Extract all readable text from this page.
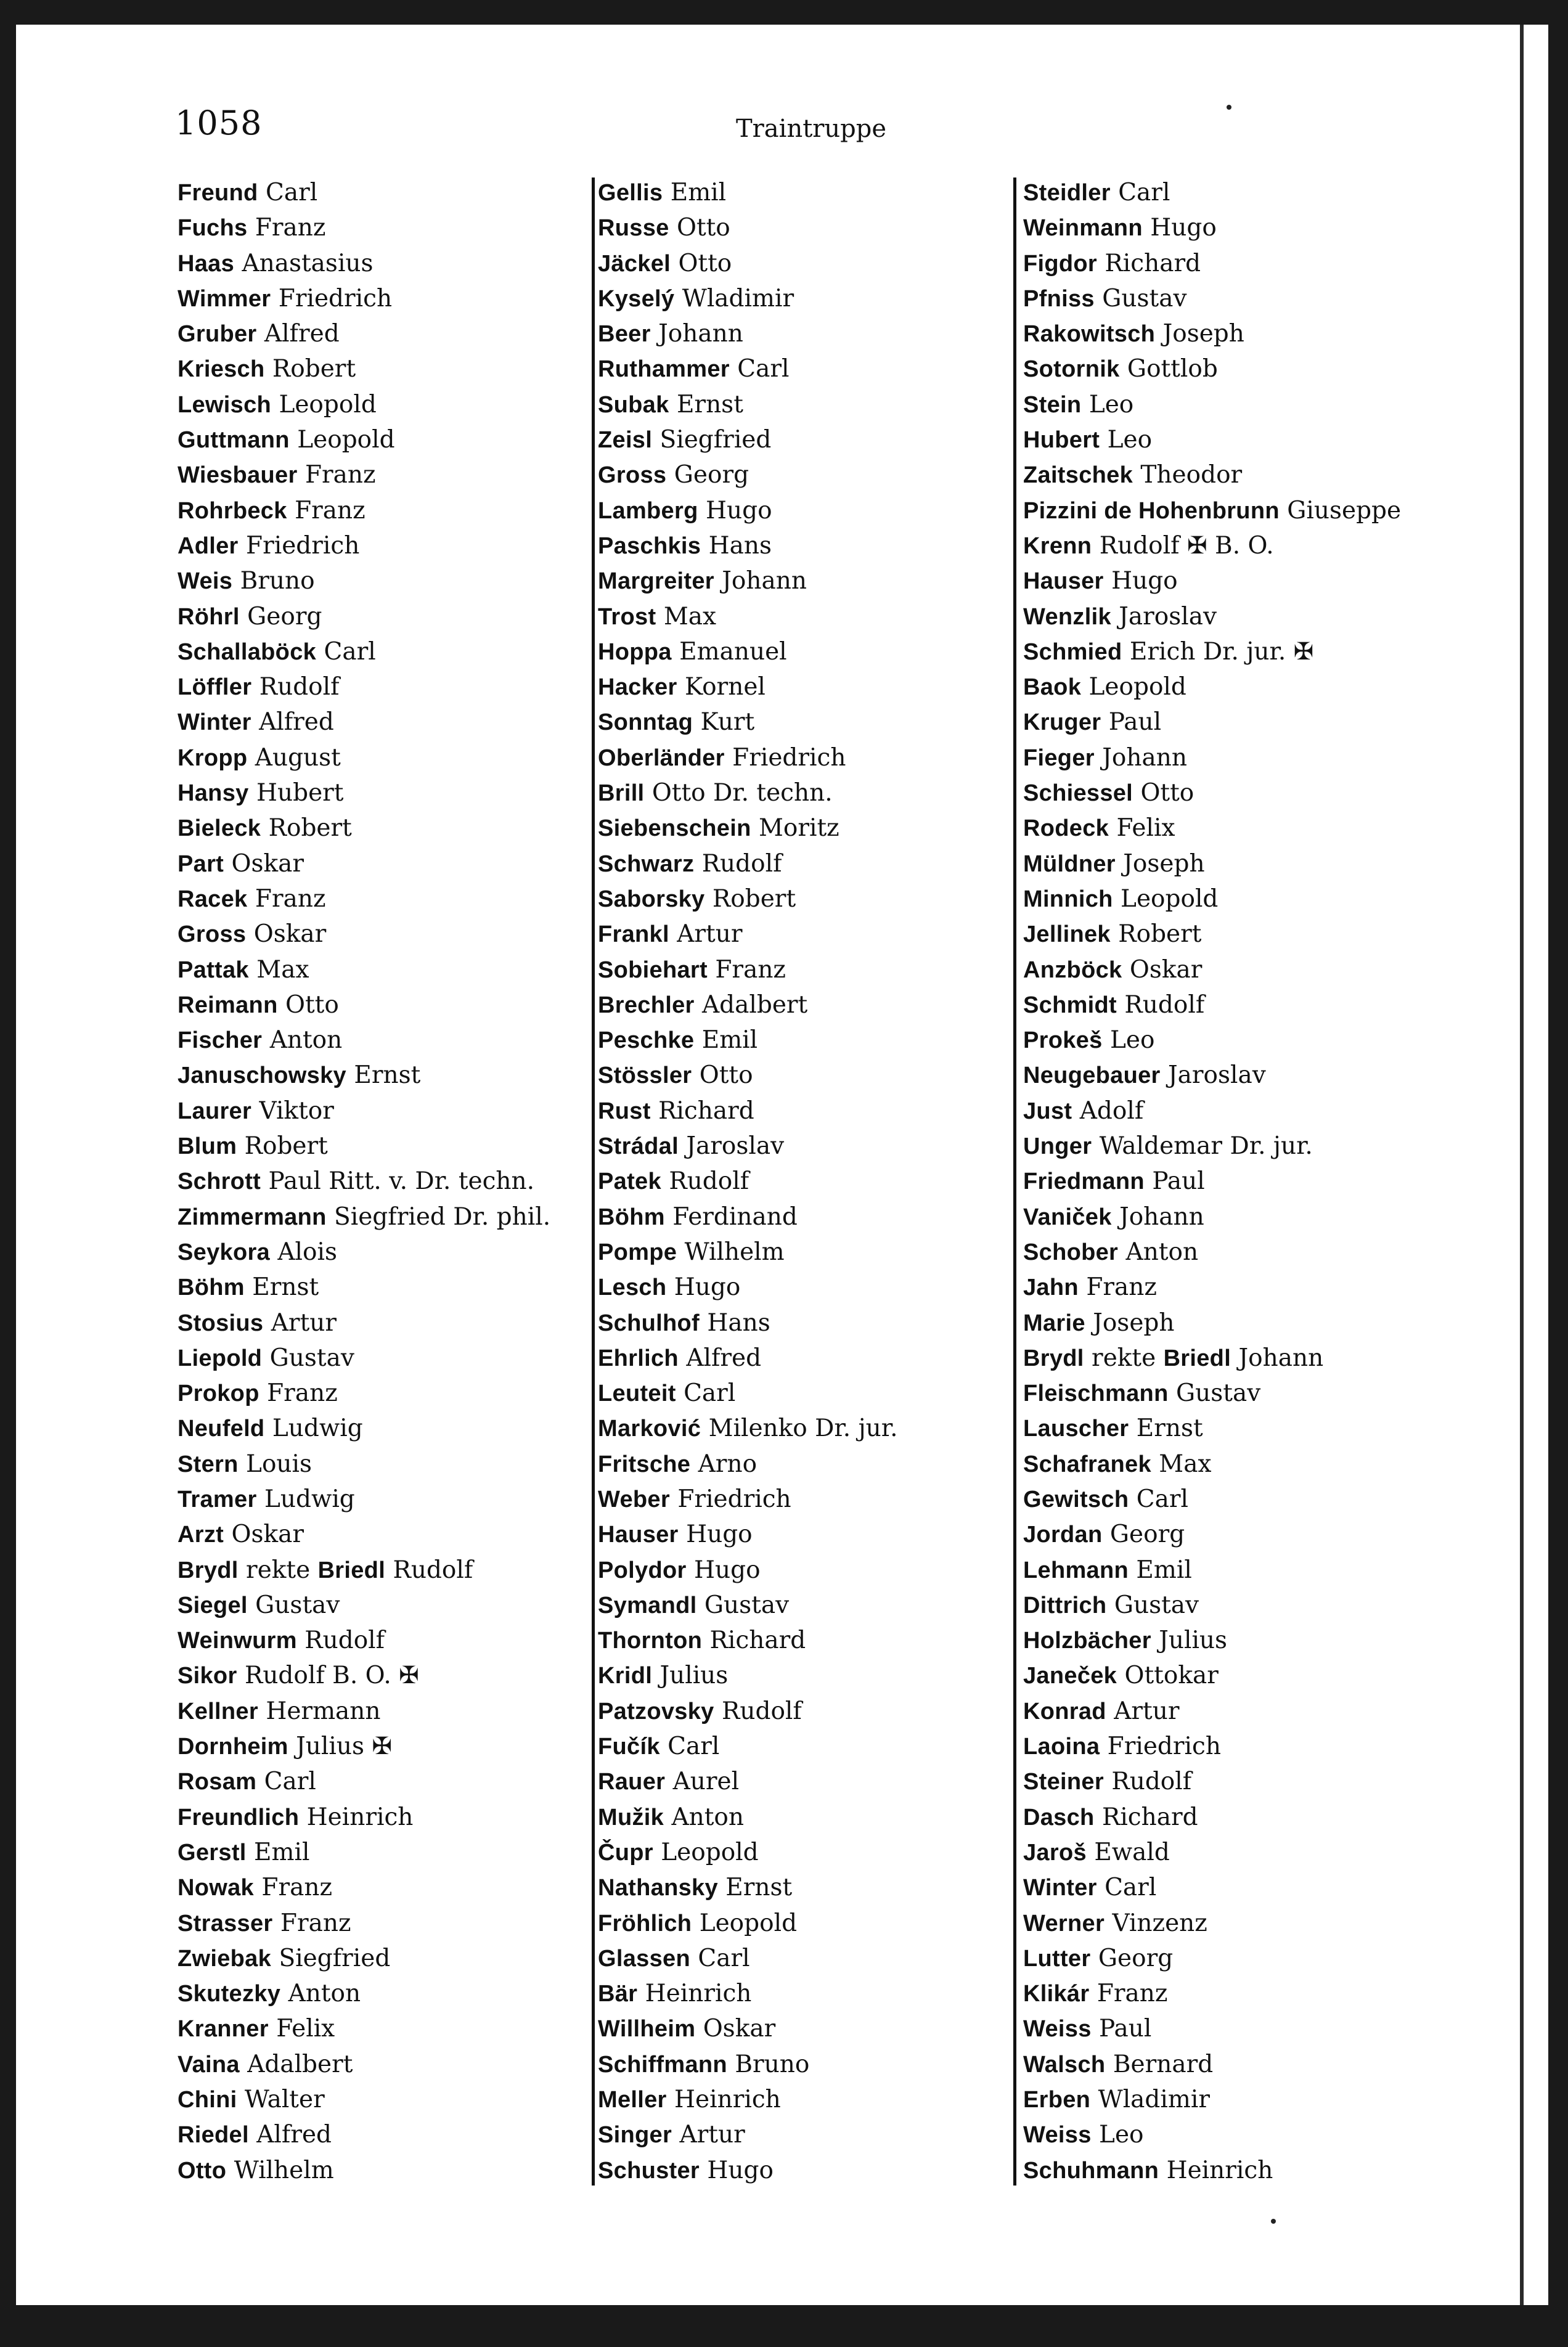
1058	Traintruppe
Freund Carl
Fuchs Franz
Haas Anastasius
Wimmer Friedrich
Gruber Alfred
Kriesch Robert
Lewisch Leopold
Guttmann Leopold
Wiesbauer Franz
Rohrbeck Franz
Adler Friedrich
Weis Bruno
Röhrl Georg
Schallaböck Carl
Löffler Rudolf
Winter Alfred
Kropp August
Hansy Hubert
Bieleck Robert
Part Oskar
Racek Franz
Gross Oskar
Pattak Max
Reimann Otto
Fischer Anton
Januschowsky Ernst
Laurer Viktor
Blum Robert
Schrott Paul Ritt. v. Dr. techn.
Zimmermann Siegfried Dr. phil.
Seykora Alois
Böhm Ernst
Stosius Artur
Liepold Gustav
Prokop Franz
Neufeld Ludwig
Stern Louis
Tramer Ludwig
Arzt Oskar
Brydl rekte Briedl Rudolf
Siegel Gustav
Weinwurm Rudolf
Sikor Rudolf B. O. ✠
Kellner Hermann
Dornheim Julius ✠
Rosam Carl
Freundlich Heinrich
Gerstl Emil
Nowak Franz
Strasser Franz
Zwiebak Siegfried
Skutezky Anton
Kranner Felix
Vaina Adalbert
Chini Walter
Riedel Alfred
Otto Wilhelm
Gellis Emil
Russe Otto
Jäckel Otto
Kyselý Wladimir
Beer Johann
Ruthammer Carl
Subak Ernst
Zeisl Siegfried
Gross Georg
Lamberg Hugo
Paschkis Hans
Margreiter Johann
Trost Max
Hoppa Emanuel
Hacker Kornel
Sonntag Kurt
Oberländer Friedrich
Brill Otto Dr. techn.
Siebenschein Moritz
Schwarz Rudolf
Saborsky Robert
Frankl Artur
Sobiehart Franz
Brechler Adalbert
Peschke Emil
Stössler Otto
Rust Richard
Strádal Jaroslav
Patek Rudolf
Böhm Ferdinand
Pompe Wilhelm
Lesch Hugo
Schulhof Hans
Ehrlich Alfred
Leuteit Carl
Marković Milenko Dr. jur.
Fritsche Arno
Weber Friedrich
Hauser Hugo
Polydor Hugo
Symandl Gustav
Thornton Richard
Kridl Julius
Patzovsky Rudolf
Fučík Carl
Rauer Aurel
Mužik Anton
Čupr Leopold
Nathansky Ernst
Fröhlich Leopold
Glassen Carl
Bär Heinrich
Willheim Oskar
Schiffmann Bruno
Meller Heinrich
Singer Artur
Schuster Hugo
Steidler Carl
Weinmann Hugo
Figdor Richard
Pfniss Gustav
Rakowitsch Joseph
Sotornik Gottlob
Stein Leo
Hubert Leo
Zaitschek Theodor
Pizzini de Hohenbrunn Giuseppe
Krenn Rudolf ✠ B. O.
Hauser Hugo
Wenzlik Jaroslav
Schmied Erich Dr. jur. ✠
Baok Leopold
Kruger Paul
Fieger Johann
Schiessel Otto
Rodeck Felix
Müldner Joseph
Minnich Leopold
Jellinek Robert
Anzböck Oskar
Schmidt Rudolf
Prokeš Leo
Neugebauer Jaroslav
Just Adolf
Unger Waldemar Dr. jur.
Friedmann Paul
Vaniček Johann
Schober Anton
Jahn Franz
Marie Joseph
Brydl rekte Briedl Johann
Fleischmann Gustav
Lauscher Ernst
Schafranek Max
Gewitsch Carl
Jordan Georg
Lehmann Emil
Dittrich Gustav
Holzbächer Julius
Janeček Ottokar
Konrad Artur
Laoina Friedrich
Steiner Rudolf
Dasch Richard
Jaroš Ewald
Winter Carl
Werner Vinzenz
Lutter Georg
Klikár Franz
Weiss Paul
Walsch Bernard
Erben Wladimir
Weiss Leo
Schuhmann Heinrich
